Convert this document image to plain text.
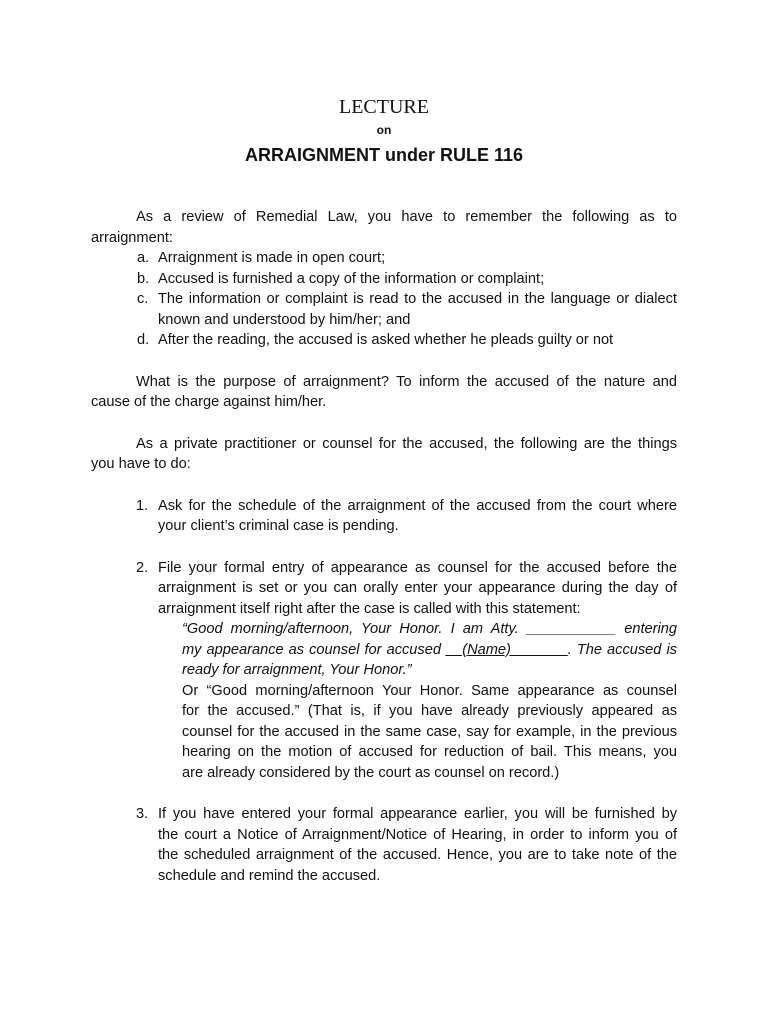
LECTURE
on
ARRAIGNMENT under RULE 116

As a review of Remedial Law, you have to remember the following as to

arraignment:

a. Arraignment is made in open court;
b. Accused is furnished a copy of the information or complaint;
c. The information or complaint is read to the accused in the language or dialect
known and understood by him/her; and
d. After the reading, the accused is asked whether he pleads guilty or not

What is the purpose of arraignment? To inform the accused of the nature and

cause of the charge against him/her.

As a private practitioner or counsel for the accused, the following are the things

you have to do:

1. Ask for the schedule of the arraignment of the accused from the court where
your client’s criminal case is pending.
2. File your formal entry of appearance as counsel for the accused before the
arraignment is set or you can orally enter your appearance during the day of
arraignment itself right after the case is called with this statement:
“Good morning/afternoon, Your Honor. I am Atty. ___________ entering
my appearance as counsel for accused __(Name)_______. The accused is
ready for arraignment, Your Honor.”
Or “Good morning/afternoon Your Honor. Same appearance as counsel
for the accused.” (That is, if you have already previously appeared as
counsel for the accused in the same case, say for example, in the previous
hearing on the motion of accused for reduction of bail. This means, you
are already considered by the court as counsel on record.)
3. If you have entered your formal appearance earlier, you will be furnished by
the court a Notice of Arraignment/Notice of Hearing, in order to inform you of
the scheduled arraignment of the accused. Hence, you are to take note of the
schedule and remind the accused.
